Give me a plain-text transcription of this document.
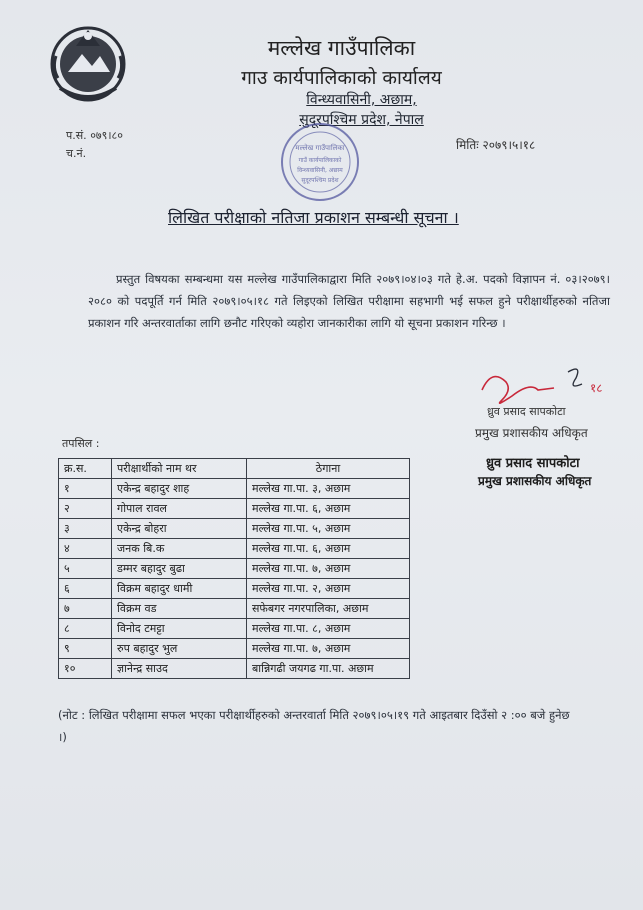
मल्लेख गाउँपालिका
गाउ कार्यपालिकाको कार्यालय
विन्ध्यवासिनी, अछाम,
सुदूरपश्चिम प्रदेश, नेपाल
प.सं. ०७९।८०
च.नं.
मितिः २०७९।५।१८
मल्लेख गाउँपालिका
गाउँ कार्यपालिकाको
विन्ध्यवासिनी, अछाम
सुदूरपश्चिम प्रदेश
लिखित परीक्षाको नतिजा प्रकाशन सम्बन्धी सूचना ।
प्रस्तुत विषयका सम्बन्धमा यस मल्लेख गाउँपालिकाद्वारा मिति २०७९।०४।०३ गते हे.अ. पदको विज्ञापन नं. ०३।२०७९।२०८० को पदपूर्ति गर्न मिति २०७९।०५।१८ गते लिइएको लिखित परीक्षामा सहभागी भई सफल हुने परीक्षार्थीहरुको नतिजा प्रकाशन गरि अन्तरवार्ताका लागि छनौट गरिएको व्यहोरा जानकारीका लागि यो सूचना प्रकाशन गरिन्छ ।
१८
ध्रुव प्रसाद सापकोटा
प्रमुख प्रशासकीय अधिकृत
ध्रुव प्रसाद सापकोटा
प्रमुख प्रशासकीय अधिकृत
तपसिल :
क्र.स.	परीक्षार्थीको नाम थर	ठेगाना
१	एकेन्द्र बहादुर शाह	मल्लेख गा.पा. ३, अछाम
२	गोपाल रावल	मल्लेख गा.पा. ६, अछाम
३	एकेन्द्र बोहरा	मल्लेख गा.पा. ५, अछाम
४	जनक बि.क	मल्लेख गा.पा. ६, अछाम
५	डम्मर बहादुर बुढा	मल्लेख गा.पा. ७, अछाम
६	विक्रम बहादुर धामी	मल्लेख गा.पा. २, अछाम
७	विक्रम वड	सफेबगर नगरपालिका, अछाम
८	विनोद टमट्टा	मल्लेख गा.पा. ८, अछाम
९	रुप बहादुर भुल	मल्लेख गा.पा. ७, अछाम
१०	ज्ञानेन्द्र साउद	बान्निगढी जयगढ गा.पा. अछाम
(नोट : लिखित परीक्षामा सफल भएका परीक्षार्थीहरुको अन्तरवार्ता मिति २०७९।०५।१९ गते आइतबार दिउँसो २ :०० बजे हुनेछ ।)
